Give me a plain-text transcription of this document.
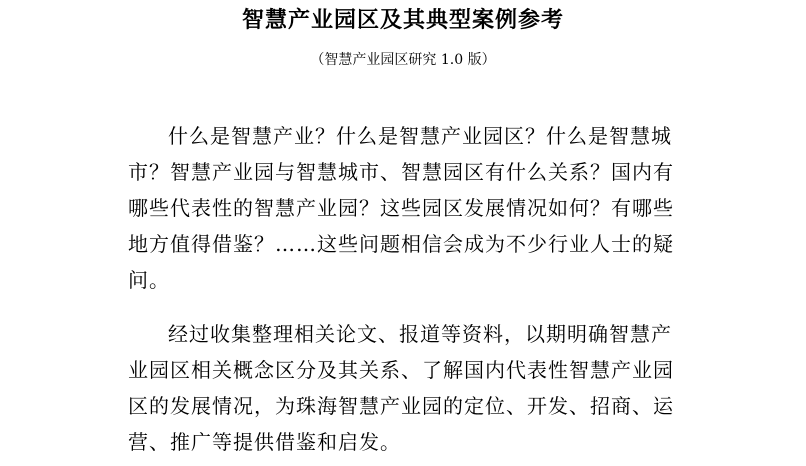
智慧产业园区及其典型案例参考
（智慧产业园区研究 1.0 版）

什么是智慧产业？什么是智慧产业园区？什么是智慧城市？智慧产业园与智慧城市、智慧园区有什么关系？国内有哪些代表性的智慧产业园？这些园区发展情况如何？有哪些地方值得借鉴？……这些问题相信会成为不少行业人士的疑问。

经过收集整理相关论文、报道等资料，以期明确智慧产业园区相关概念区分及其关系、了解国内代表性智慧产业园区的发展情况，为珠海智慧产业园的定位、开发、招商、运营、推广等提供借鉴和启发。
